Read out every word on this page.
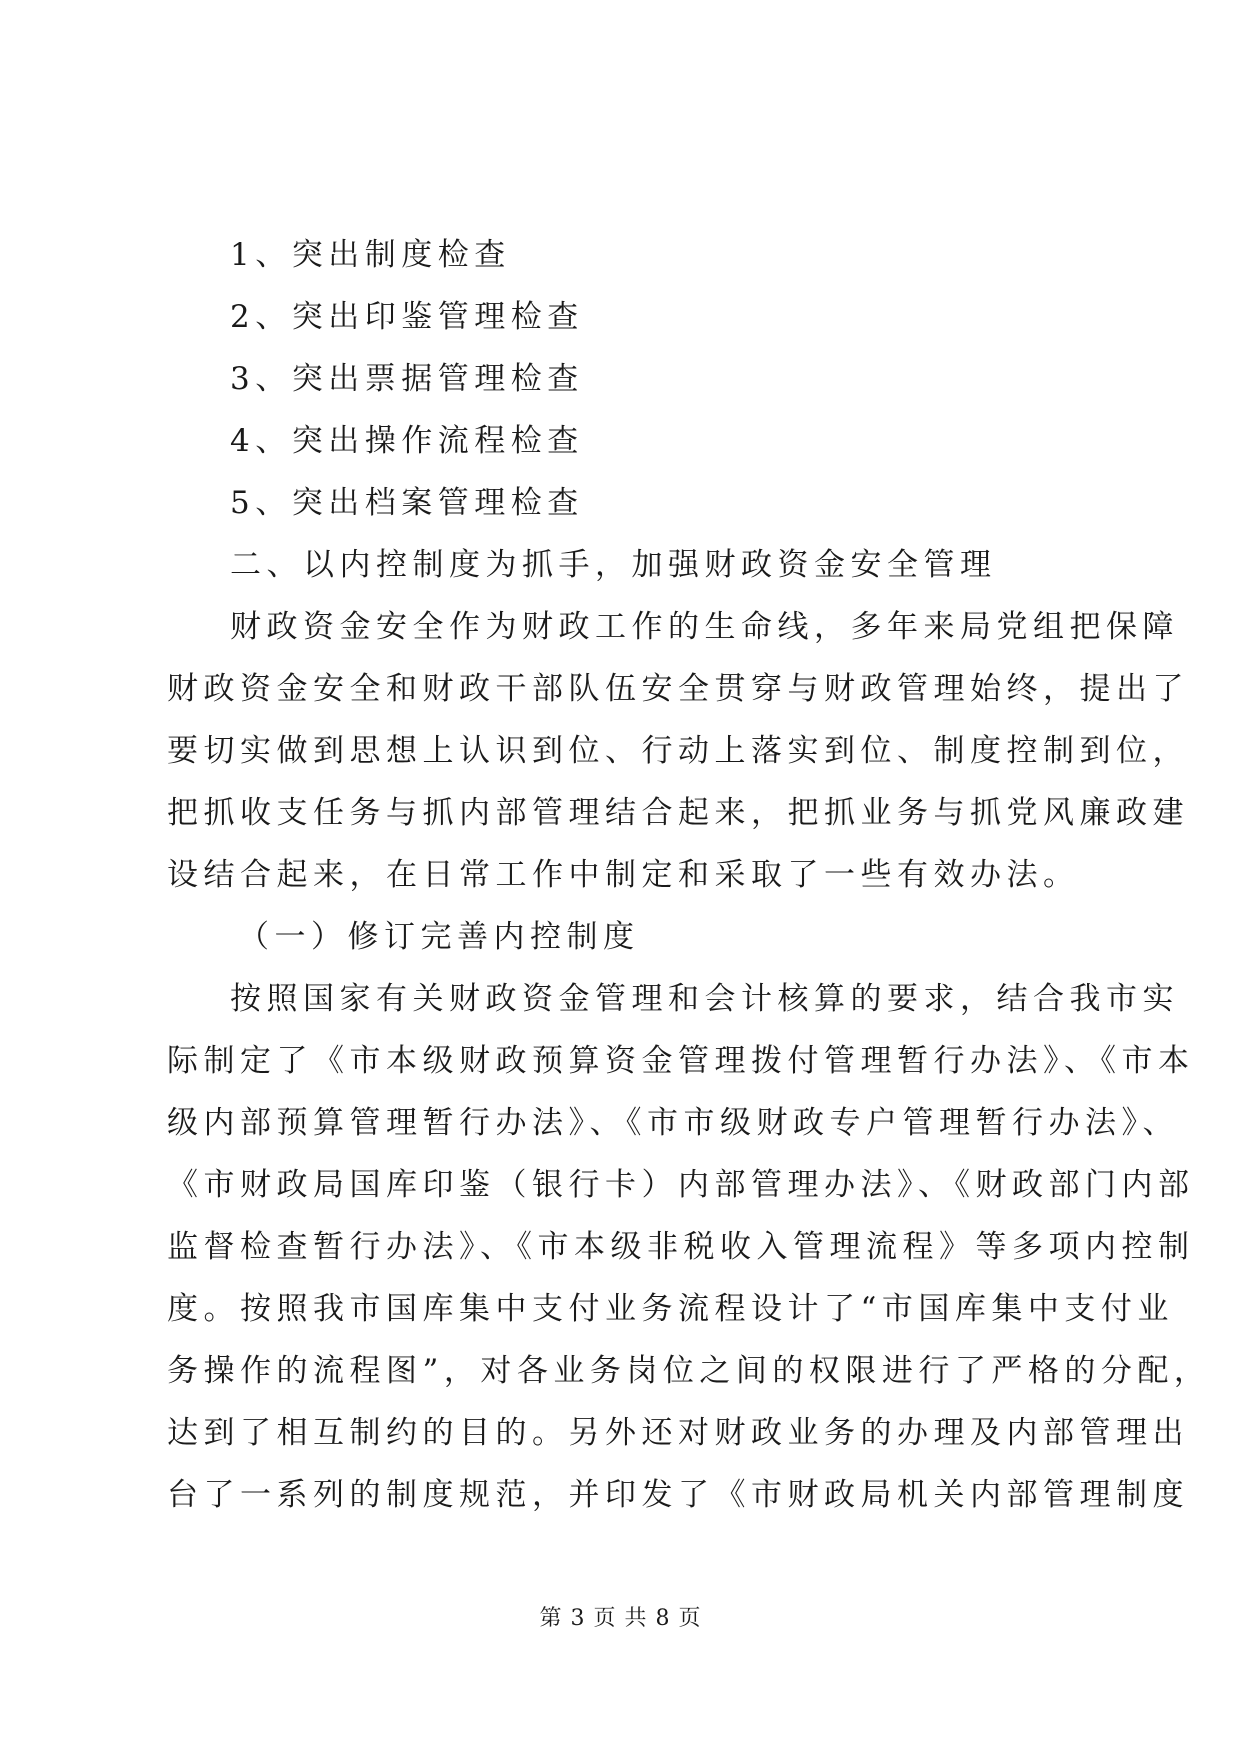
1、突出制度检查
2、突出印鉴管理检查
3、突出票据管理检查
4、突出操作流程检查
5、突出档案管理检查
二、以内控制度为抓手，加强财政资金安全管理
财政资金安全作为财政工作的生命线，多年来局党组把保障
财政资金安全和财政干部队伍安全贯穿与财政管理始终，提出了
要切实做到思想上认识到位、行动上落实到位、制度控制到位，
把抓收支任务与抓内部管理结合起来，把抓业务与抓党风廉政建
设结合起来，在日常工作中制定和采取了一些有效办法。
（一）修订完善内控制度
按照国家有关财政资金管理和会计核算的要求，结合我市实
际制定了《市本级财政预算资金管理拨付管理暂行办法》、《市本
级内部预算管理暂行办法》、《市市级财政专户管理暂行办法》、
《市财政局国库印鉴（银行卡）内部管理办法》、《财政部门内部
监督检查暂行办法》、《市本级非税收入管理流程》等多项内控制
度。按照我市国库集中支付业务流程设计了“市国库集中支付业
务操作的流程图”，对各业务岗位之间的权限进行了严格的分配，
达到了相互制约的目的。另外还对财政业务的办理及内部管理出
台了一系列的制度规范，并印发了《市财政局机关内部管理制度
第 3 页 共 8 页
